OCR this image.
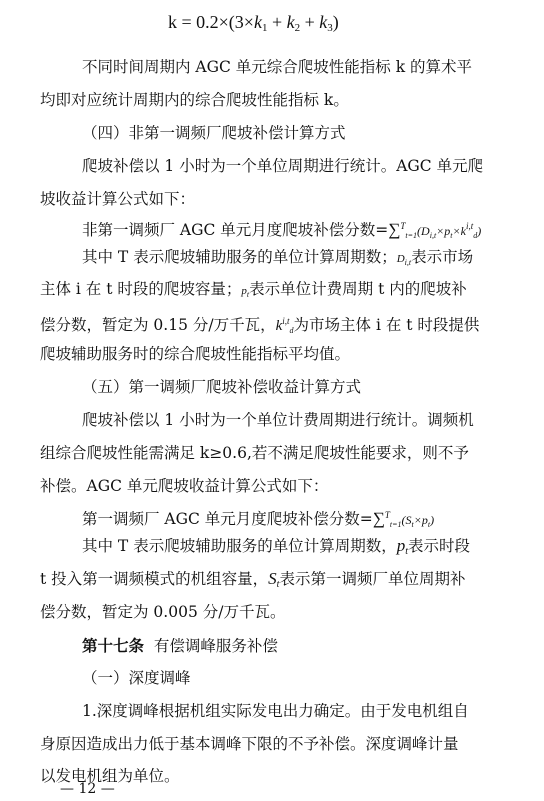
$k = 0.2\times(3\times k_1 + k_2 + k_3)$
不同时间周期内 AGC 单元综合爬坡性能指标 k 的算术平
均即对应统计周期内的综合爬坡性能指标 k。
（四）非第一调频厂爬坡补偿计算方式
爬坡补偿以 1 小时为一个单位周期进行统计。AGC 单元爬
坡收益计算公式如下：
非第一调频厂 AGC 单元月度爬坡补偿分数$=\sum^T_{t=1}(D_{i,t}\times p_t\times k^{i,t}_d)$
其中 T 表示爬坡辅助服务的单位计算周期数；$D_{i,t}$表示市场
主体 i 在 t 时段的爬坡容量；$p_t$表示单位计费周期 t 内的爬坡补
偿分数，暂定为 0.15 分/万千瓦，$k^{i,t}_d$为市场主体 i 在 t 时段提供
爬坡辅助服务时的综合爬坡性能指标平均值。
（五）第一调频厂爬坡补偿收益计算方式
爬坡补偿以 1 小时为一个单位计费周期进行统计。调频机
组综合爬坡性能需满足 k≥0.6,若不满足爬坡性能要求，则不予
补偿。AGC 单元爬坡收益计算公式如下：
第一调频厂 AGC 单元月度爬坡补偿分数$=\sum^T_{t=1}(S_t\times p_t)$
其中 T 表示爬坡辅助服务的单位计算周期数，$p_t$表示时段
t 投入第一调频模式的机组容量，$S_t$表示第一调频厂单位周期补
偿分数，暂定为 0.005 分/万千瓦。
第十七条 有偿调峰服务补偿
（一）深度调峰
1.深度调峰根据机组实际发电出力确定。由于发电机组自
身原因造成出力低于基本调峰下限的不予补偿。深度调峰计量
以发电机组为单位。
— 12 —
